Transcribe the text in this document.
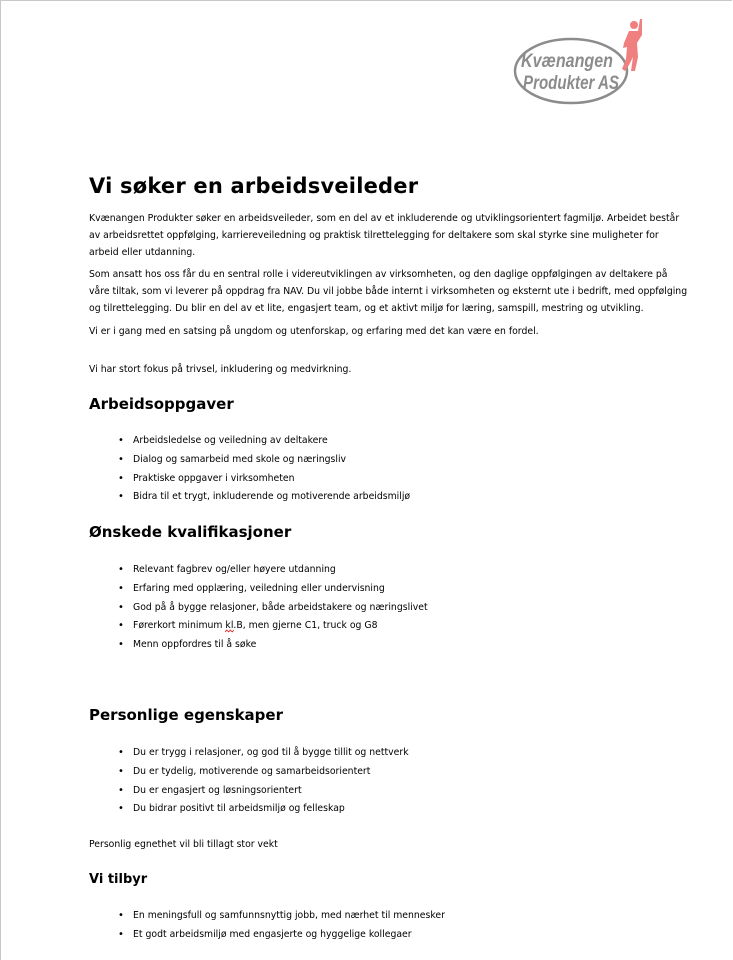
Kvænangen
Produkter AS
Vi søker en arbeidsveileder

Kvænangen Produkter søker en arbeidsveileder, som en del av et inkluderende og utviklingsorientert fagmiljø. Arbeidet består av arbeidsrettet oppfølging, karriereveiledning og praktisk tilrettelegging for deltakere som skal styrke sine muligheter for arbeid eller utdanning.

Som ansatt hos oss får du en sentral rolle i videreutviklingen av virksomheten, og den daglige oppfølgingen av deltakere på våre tiltak, som vi leverer på oppdrag fra NAV. Du vil jobbe både internt i virksomheten og eksternt ute i bedrift, med oppfølging og tilrettelegging. Du blir en del av et lite, engasjert team, og et aktivt miljø for læring, samspill, mestring og utvikling.

Vi er i gang med en satsing på ungdom og utenforskap, og erfaring med det kan være en fordel.

Vi har stort fokus på trivsel, inkludering og medvirkning.

Arbeidsoppgaver
• Arbeidsledelse og veiledning av deltakere
• Dialog og samarbeid med skole og næringsliv
• Praktiske oppgaver i virksomheten
• Bidra til et trygt, inkluderende og motiverende arbeidsmiljø
Ønskede kvalifikasjoner
• Relevant fagbrev og/eller høyere utdanning
• Erfaring med opplæring, veiledning eller undervisning
• God på å bygge relasjoner, både arbeidstakere og næringslivet
• Førerkort minimum kl.B, men gjerne C1, truck og G8
• Menn oppfordres til å søke
Personlige egenskaper
• Du er trygg i relasjoner, og god til å bygge tillit og nettverk
• Du er tydelig, motiverende og samarbeidsorientert
• Du er engasjert og løsningsorientert
• Du bidrar positivt til arbeidsmiljø og felleskap

Personlig egnethet vil bli tillagt stor vekt

Vi tilbyr
• En meningsfull og samfunnsnyttig jobb, med nærhet til mennesker
• Et godt arbeidsmiljø med engasjerte og hyggelige kollegaer
